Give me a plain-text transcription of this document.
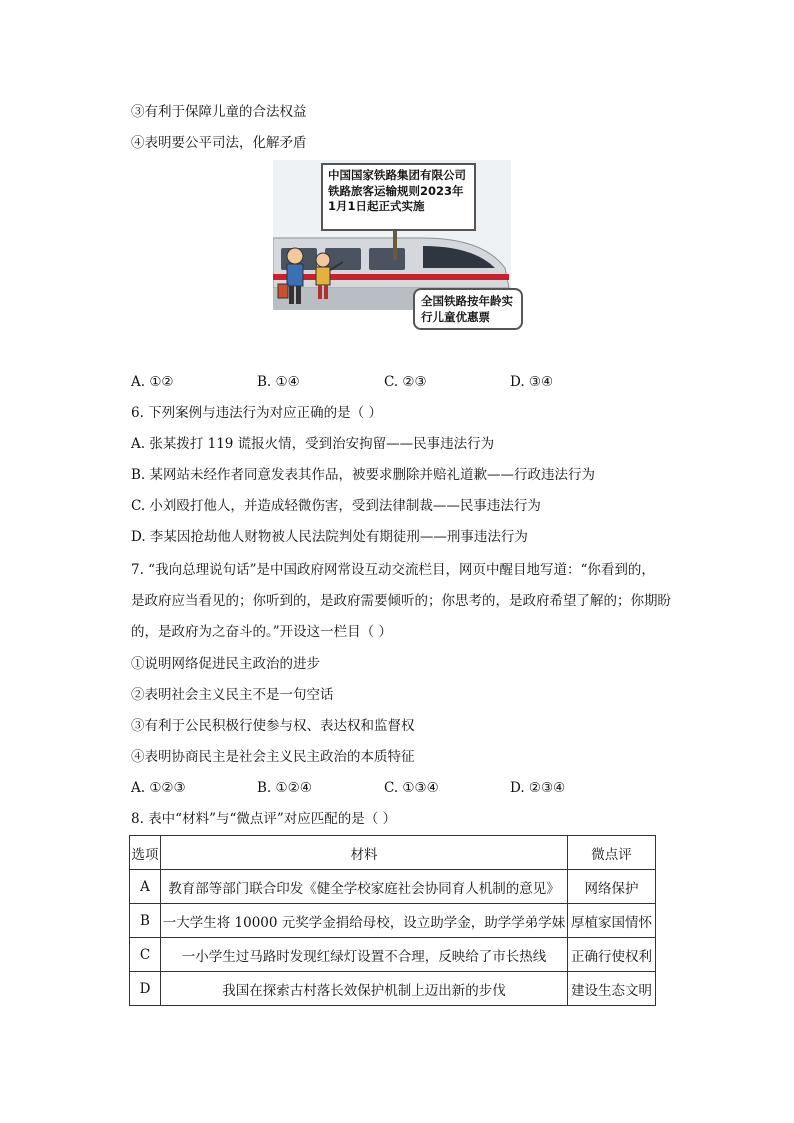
③有利于保障儿童的合法权益
④表明要公平司法，化解矛盾
中国国家铁路集团有限公司铁路旅客运输规则2023年1月1日起正式实施
全国铁路按年龄实行儿童优惠票
A. ①②	B. ①④	C. ②③	D. ③④
6. 下列案例与违法行为对应正确的是（ ）
A. 张某拨打 119 谎报火情，受到治安拘留——民事违法行为
B. 某网站未经作者同意发表其作品，被要求删除并赔礼道歉——行政违法行为
C. 小刘殴打他人，并造成轻微伤害，受到法律制裁——民事违法行为
D. 李某因抢劫他人财物被人民法院判处有期徒刑——刑事违法行为
7. “我向总理说句话”是中国政府网常设互动交流栏目，网页中醒目地写道：“你看到的，
是政府应当看见的；你听到的，是政府需要倾听的；你思考的，是政府希望了解的；你期盼
的，是政府为之奋斗的。”开设这一栏目（ ）
①说明网络促进民主政治的进步
②表明社会主义民主不是一句空话
③有利于公民积极行使参与权、表达权和监督权
④表明协商民主是社会主义民主政治的本质特征
A. ①②③	B. ①②④	C. ①③④	D. ②③④
8. 表中“材料”与“微点评”对应匹配的是（ ）
选项	材料	微点评
A	教育部等部门联合印发《健全学校家庭社会协同育人机制的意见》	网络保护
B	一大学生将 10000 元奖学金捐给母校，设立助学金，助学学弟学妹	厚植家国情怀
C	一小学生过马路时发现红绿灯设置不合理，反映给了市长热线	正确行使权利
D	我国在探索古村落长效保护机制上迈出新的步伐	建设生态文明
